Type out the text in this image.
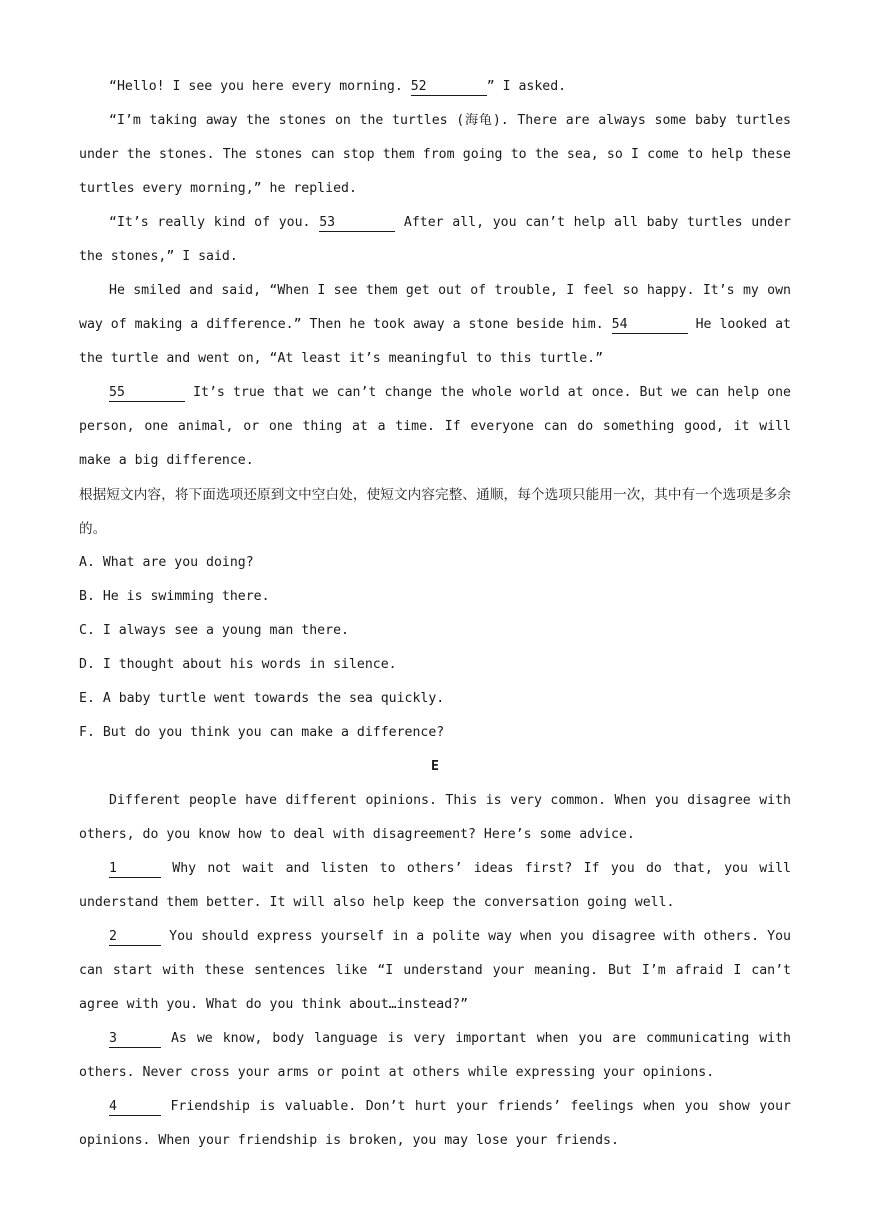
“Hello! I see you here every morning. 52	” I asked.

“I’m taking away the stones on the turtles (海龟). There are always some baby turtles under the stones. The stones can stop them from going to the sea, so I come to help these turtles every morning,” he replied.

“It’s really kind of you. 53	After all, you can’t help all baby turtles under the stones,” I said.

He smiled and said, “When I see them get out of trouble, I feel so happy. It’s my own way of making a difference.” Then he took away a stone beside him. 54	He looked at the turtle and went on, “At least it’s meaningful to this turtle.”

55	It’s true that we can’t change the whole world at once. But we can help one person, one animal, or one thing at a time. If everyone can do something good, it will make a big difference.

根据短文内容，将下面选项还原到文中空白处，使短文内容完整、通顺，每个选项只能用一次，其中有一个选项是多余的。

A. What are you doing?

B. He is swimming there.

C. I always see a young man there.

D. I thought about his words in silence.

E. A baby turtle went towards the sea quickly.

F. But do you think you can make a difference?

E

Different people have different opinions. This is very common. When you disagree with others, do you know how to deal with disagreement? Here’s some advice.

1	Why not wait and listen to others’ ideas first? If you do that, you will understand them better. It will also help keep the conversation going well.

2	You should express yourself in a polite way when you disagree with others. You can start with these sentences like “I understand your meaning. But I’m afraid I can’t agree with you. What do you think about…instead?”

3	As we know, body language is very important when you are communicating with others. Never cross your arms or point at others while expressing your opinions.

4	Friendship is valuable. Don’t hurt your friends’ feelings when you show your opinions. When your friendship is broken, you may lose your friends.
